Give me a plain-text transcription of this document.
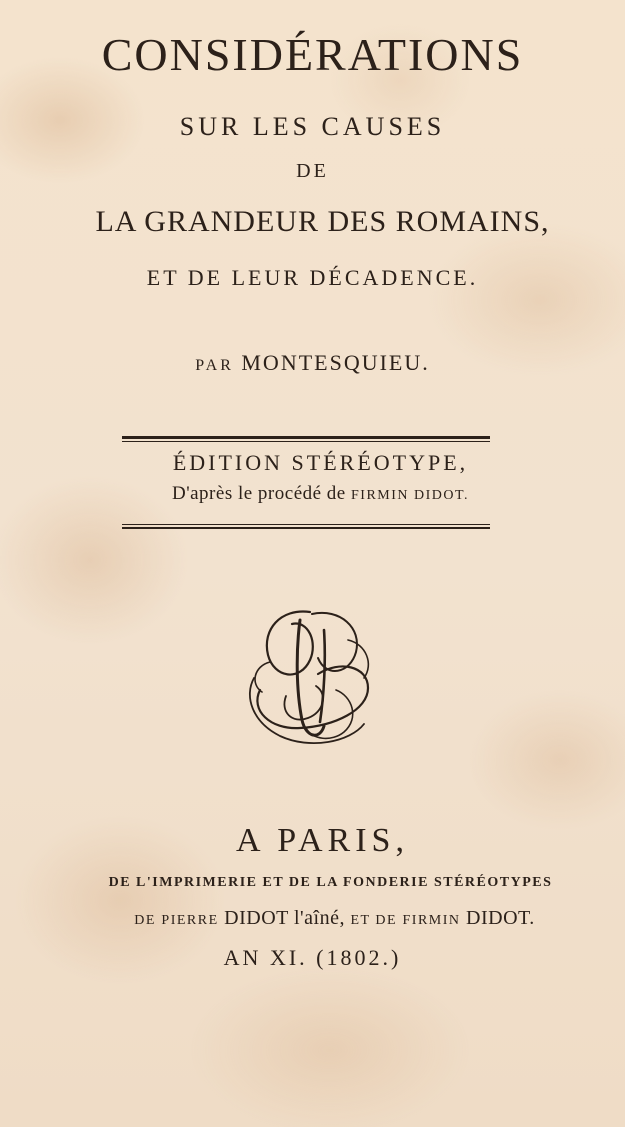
CONSIDÉRATIONS
SUR LES CAUSES
DE
LA GRANDEUR DES ROMAINS,
ET DE LEUR DÉCADENCE.
PAR MONTESQUIEU.
ÉDITION STÉRÉOTYPE,
D'après le procédé de FIRMIN DIDOT.
A PARIS,
DE L'IMPRIMERIE ET DE LA FONDERIE STÉRÉOTYPES
DE PIERRE DIDOT l'aîné, ET DE FIRMIN DIDOT.
AN XI. (1802.)
